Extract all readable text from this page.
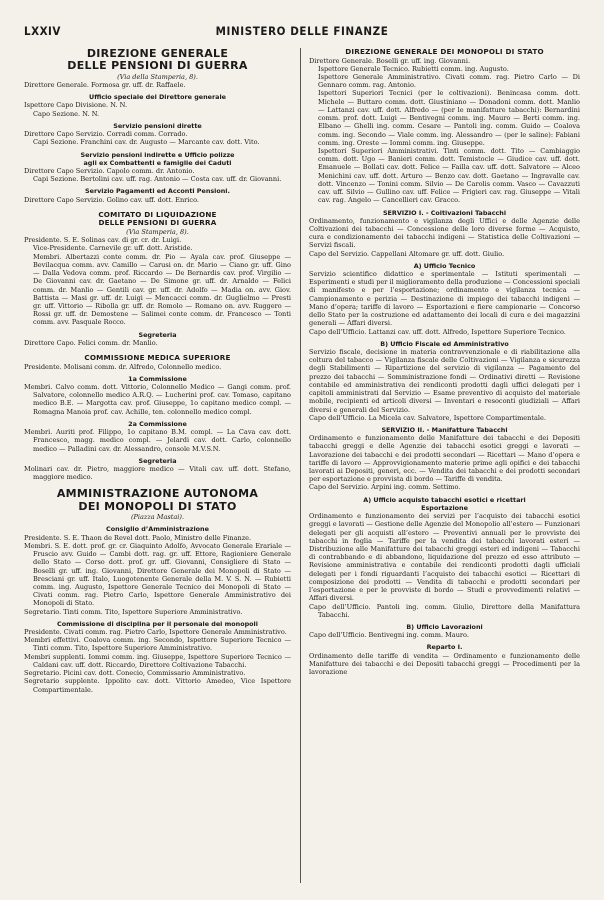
LXXIV	MINISTERO DELLE FINANZE
DIREZIONE GENERALE
DELLE PENSIONI DI GUERRA
(Via della Stamperia, 8).
Direttore Generale. Formosa gr. uff. dr. Raffaele.
Ufficio speciale del Direttore generale
Ispettore Capo Divisione. N. N.
Capo Sezione. N. N.
Servizio pensioni dirette
Direttore Capo Servizio. Corradi comm. Corrado.
Capi Sezione. Franchini cav. dr. Augusto — Marcante cav. dott. Vito.
Servizio pensioni indirette e Ufficio polizze
agli ex Combattenti e famiglie dei Caduti
Direttore Capo Servizio. Capolo comm. dr. Antonio.
Capi Sezione. Bertolini cav. uff. rag. Antonio — Costa cav. uff. dr. Giovanni.
Servizio Pagamenti ed Acconti Pensioni.
Direttore Capo Servizio. Golino cav. uff. dott. Enrico.
COMITATO DI LIQUIDAZIONE
DELLE PENSIONI DI GUERRA
(Via Stamperia, 8).
Presidente. S. E. Solinas cav. di gr. cr. dr. Luigi.
Vice-Presidente. Carnevile gr. uff. dott. Aristide.
Membri. Albertazzi conte comm. dr. Pio — Ayala cav. prof. Giuseppe — Bevilacqua comm. avv. Camillo — Carusi on. dr. Mario — Ciano gr. uff. Gino — Dalla Vedova comm. prof. Riccardo — De Bernardis cav. prof. Virgilio — De Giovanni cav. dr. Gaetano — De Simone gr. uff. dr. Arnaldo — Felici comm. dr. Manlio — Gentili cav. gr. uff. dr. Adolfo — Madia on. avv. Giov. Battista — Masi gr. uff. dr. Luigi — Mencacci comm. dr. Guglielmo — Presti gr. uff. Vittorio — Ribolla gr. uff. dr. Romolo — Romano on. avv. Ruggero — Rossi gr. uff. dr. Demostene — Salimei conte comm. dr. Francesco — Tonti comm. avv. Pasquale Rocco.
Segreteria
Direttore Capo. Felici comm. dr. Manlio.
COMMISSIONE MEDICA SUPERIORE
Presidente. Molisani comm. dr. Alfredo, Colonnello medico.
1a Commissione
Membri. Calvo comm. dott. Vittorio, Colonnello Medico — Gangi comm. prof. Salvatore, colonnello medico A.R.Q. — Lucherini prof. cav. Tomaso, capitano medico B.E. — Margotta cav. prof. Giuseppe, 1o capitano medico compl. — Romagna Manoia prof. cav. Achille, ten. colonnello medico compl.
2a Commissione
Membri. Auriti prof. Filippo, 1o capitano B.M. compl. — La Cava cav. dott. Francesco, magg. medico compl. — Jelardi cav. dott. Carlo, colonnello medico — Palladini cav. dr. Alessandro, console M.V.S.N.
Segreteria
Molinari cav. dr. Pietro, maggiore medico — Vitali cav. uff. dott. Stefano, maggiore medico.
AMMINISTRAZIONE AUTONOMA
DEI MONOPOLI DI STATO
(Piazza Mastai).
Consiglio d’Amministrazione
Presidente. S. E. Thaon de Revel dott. Paolo, Ministro delle Finanze.
Membri. S. E. dott. prof. gr. cr. Giaquinto Adolfo, Avvocato Generale Erariale — Fruscio avv. Guido — Cambi dott. rag. gr. uff. Ettore, Ragioniere Generale dello Stato — Corso dott. prof. gr. uff. Giovanni, Consigliere di Stato — Boselli gr. uff. ing. Giovanni, Direttore Generale dei Monopoli di Stato — Bresciani gr. uff. Italo, Luogotenente Generale della M. V. S. N. — Rubietti comm. ing. Augusto, Ispettore Generale Tecnico dei Monopoli di Stato — Civati comm. rag. Pietro Carlo, Ispettore Generale Amministrativo dei Monopoli di Stato.
Segretario. Tinti comm. Tito, Ispettore Superiore Amministrativo.
Commissione di disciplina per il personale dei monopoli
Presidente. Civati comm. rag. Pietro Carlo, Ispettore Generale Amministrativo.
Membri effettivi. Coalova comm. ing. Secondo, Ispettore Superiore Tecnico — Tinti comm. Tito, Ispettore Superiore Amministrativo.
Membri supplenti. Iommi comm. ing. Giuseppe, Ispettore Superiore Tecnico — Caldani cav. uff. dott. Riccardo, Direttore Coltivazione Tabacchi.
Segretario. Picini cav. dott. Conecio, Commissario Amministrativo.
Segretario supplente. Ippolito cav. dott. Vittorio Amedeo, Vice Ispettore Compartimentale.
DIREZIONE GENERALE DEI MONOPOLI DI STATO
Direttore Generale. Boselli gr. uff. ing. Giovanni.
Ispettore Generale Tecnico. Rubietti comm. ing. Augusto.
Ispettore Generale Amministrativo. Civati comm. rag. Pietro Carlo — Di Gennaro comm. rag. Antonio.
Ispettori Superiori Tecnici (per le coltivazioni). Benincasa comm. dott. Michele — Buttaro comm. dott. Giustiniano — Donadoni comm. dott. Manlio — Lattanzi cav. uff. dott. Alfredo — (per le manifatture tabacchi): Bernardini comm. prof. dott. Luigi — Bentivegni comm. ing. Mauro — Berti comm. ing. Elbano — Ghelli ing. comm. Cesare — Pantoli ing. comm. Guido — Coalova comm. ing. Secondo — Viale comm. ing. Alessandro — (per le saline): Fabiani comm. ing. Oreste — Iommi comm. ing. Giuseppe.
Ispettori Superiori Amministrativi. Tinti comm. dott. Tito — Cambiaggio comm. dott. Ugo — Banieri comm. dott. Temistocle — Giudice cav. uff. dott. Emanuele — Bollati cav. dott. Felice — Failla cav. uff. dott. Salvatore — Alceo Menichini cav. uff. dott. Arturo — Benzo cav. dott. Gaetano — Ingravalle cav. dott. Vincenzo — Tonini comm. Silvio — De Carolis comm. Vasco — Cavazzuti cav. uff. Silvio — Gullino cav. uff. Felice — Frigieri cav. rag. Giuseppe — Vitali cav. rag. Angelo — Cancellieri cav. Gracco.
SERVIZIO I. - Coltivazioni Tabacchi
Ordinamento, funzionamento e vigilanza degli Uffici e delle Agenzie delle Coltivazioni dei tabacchi — Concessione delle loro diverse forme — Acquisto, cura e condizionamento dei tabacchi indigeni — Statistica delle Coltivazioni — Servizi fiscali.
Capo del Servizio. Cappellani Altomare gr. uff. dott. Giulio.
A) Ufficio Tecnico
Servizio scientifico didattico e sperimentale — Istituti sperimentali — Esperimenti e studi per il miglioramento della produzione — Concessioni speciali di manifesto e per l’esportazione; ordinamento e vigilanza tecnica — Campionamento e perizia — Destinazione di impiego dei tabacchi indigeni — Mano d’opera; tariffe di lavoro — Esportazioni e fiere campionarie — Concorso dello Stato per la costruzione ed adattamento dei locali di cura e dei magazzini generali — Affari diversi.
Capo dell’Ufficio. Lattanzi cav. uff. dott. Alfredo, Ispettore Superiore Tecnico.
B) Ufficio Fiscale ed Amministrativo
Servizio fiscale, decisione in materia contravvenzionale e di riabilitazione alla coltura del tabacco — Vigilanza fiscale delle Coltivazioni — Vigilanza e sicurezza degli Stabilimenti — Ripartizione del servizio di vigilanza — Pagamento del prezzo dei tabacchi — Somministrazione fondi — Ordinativi diretti — Revisione contabile ed amministrativa dei rendiconti prodotti dagli uffici delegati per i capitoli amministrati dal Servizio — Esame preventivo di acquisto del materiale mobile, recipienti ed articoli diversi — Inventari e resoconti giudiziali — Affari diversi e generali del Servizio.
Capo dell’Ufficio. La Micela cav. Salvatore, Ispettore Compartimentale.
SERVIZIO II. - Manifatture Tabacchi
Ordinamento e funzionamento delle Manifatture dei tabacchi e dei Depositi tabacchi greggi e delle Agenzie dei tabacchi esotici greggi e lavorati — Lavorazione dei tabacchi e dei prodotti secondari — Ricettari — Mano d’opera e tariffe di lavoro — Approvvigionamento materie prime agli opifici e dei tabacchi lavorati ai Depositi, generi, ecc. — Vendita dei tabacchi e dei prodotti secondari per esportazione e provvista di bordo — Tariffe di vendita.
Capo del Servizio. Arpini ing. comm. Settimo.
A) Ufficio acquisto tabacchi esotici e ricettari
Esportazione
Ordinamento e funzionamento dei servizi per l’acquisto dei tabacchi esotici greggi e lavorati — Gestione delle Agenzie del Monopolio all’estero — Funzionari delegati per gli acquisti all’estero — Preventivi annuali per le provviste dei tabacchi in foglia — Tariffe per la vendita dei tabacchi lavorati esteri — Distribuzione alle Manifatture dei tabacchi greggi esteri ed indigeni — Tabacchi di contrabbando e di abbandono, liquidazione del prezzo ed esso attributo — Revisione amministrativa e contabile dei rendiconti prodotti dagli ufficiali delegati per i fondi riguardanti l’acquisto dei tabacchi esotici — Ricettari di composizione dei prodotti — Vendita di tabacchi e prodotti secondari per l’esportazione e per le provviste di bordo — Studi e provvedimenti relativi — Affari diversi.
Capo dell’Ufficio. Pantoli ing. comm. Giulio, Direttore della Manifattura Tabacchi.
B) Ufficio Lavorazioni
Capo dell’Ufficio. Bentivegni ing. comm. Mauro.
Reparto I.
Ordinamento delle tariffe di vendita — Ordinamento e funzionamento delle Manifatture dei tabacchi e dei Depositi tabacchi greggi — Procedimenti per la lavorazione
